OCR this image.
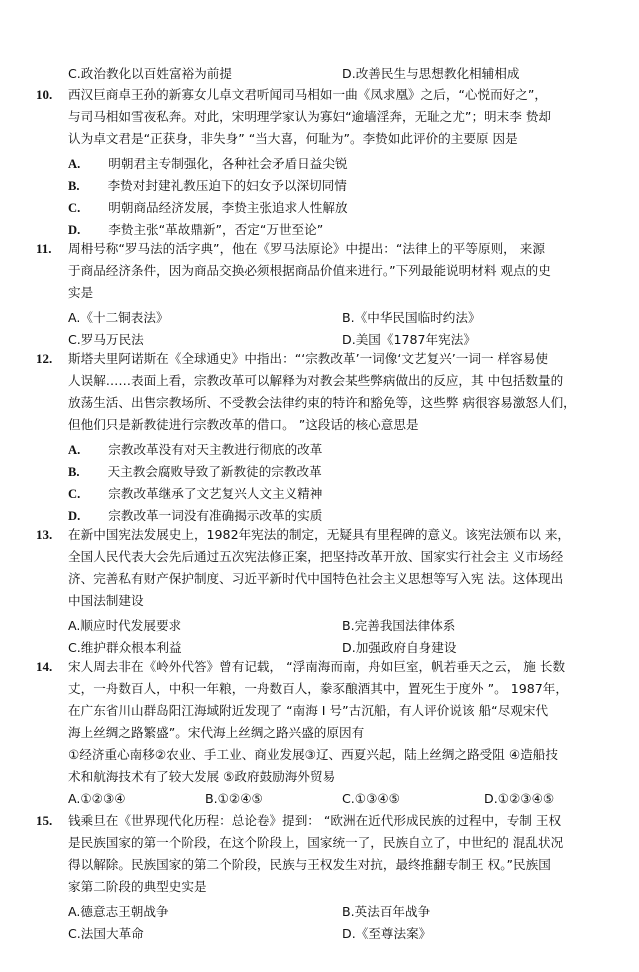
C.政治教化以百姓富裕为前提	D.改善民生与思想教化相辅相成
10. 西汉巨商卓王孙的新寡女儿卓文君听闻司马相如一曲《凤求凰》之后，“心悦而好之”，
与司马相如雪夜私奔。对此，宋明理学家认为寡妇“逾墙淫奔，无耻之尤”；明末李 贽却
认为卓文君是“正获身，非失身” “当大喜，何耻为”。李贽如此评价的主要原 因是
A. 明朝君主专制强化，各种社会矛盾日益尖锐
B. 李贽对封建礼教压迫下的妇女予以深切同情
C. 明朝商品经济发展，李贽主张追求人性解放
D. 李贽主张“革故鼎新”，否定“万世至论”
11. 周枏号称“罗马法的活字典”，他在《罗马法原论》中提出：“法律上的平等原则， 来源
于商品经济条件，因为商品交换必须根据商品价值来进行。”下列最能说明材料 观点的史
实是
A.《十二铜表法》	B.《中华民国临时约法》
C.罗马万民法	D.美国《1787年宪法》
12. 斯塔夫里阿诺斯在《全球通史》中指出：“‘宗教改革’一词像‘文艺复兴’一词一 样容易使
人误解……表面上看，宗教改革可以解释为对教会某些弊病做出的反应，其 中包括数量的
放荡生活、出售宗教场所、不受教会法律约束的特许和豁免等，这些弊 病很容易激怒人们，
但他们只是新教徒进行宗教改革的借口。 ”这段话的核心意思是
A. 宗教改革没有对天主教进行彻底的改革
B. 天主教会腐败导致了新教徒的宗教改革
C. 宗教改革继承了文艺复兴人文主义精神
D. 宗教改革一词没有准确揭示改革的实质
13. 在新中国宪法发展史上，1982年宪法的制定，无疑具有里程碑的意义。该宪法颁布以 来，
全国人民代表大会先后通过五次宪法修正案，把坚持改革开放、国家实行社会主 义市场经
济、完善私有财产保护制度、习近平新时代中国特色社会主义思想等写入宪 法。这体现出
中国法制建设
A.顺应时代发展要求	B.完善我国法律体系
C.维护群众根本利益	D.加强政府自身建设
14. 宋人周去非在《岭外代答》曾有记载， “浮南海而南，舟如巨室，帆若垂天之云， 施 长数
丈，一舟数百人，中积一年粮，一舟数百人，豢豕酿酒其中，置死生于度外 ”。 1987年，
在广东省川山群岛阳江海域附近发现了 “南海 I 号”古沉船，有人评价说该 船“尽观宋代
海上丝绸之路繁盛”。宋代海上丝绸之路兴盛的原因有
①经济重心南移②农业、手工业、商业发展③辽、西夏兴起，陆上丝绸之路受阻 ④造船技
术和航海技术有了较大发展 ⑤政府鼓励海外贸易
A.①②③④	B.①②④⑤	C.①③④⑤	D.①②③④⑤
15. 钱乘旦在《世界现代化历程：总论卷》提到： “欧洲在近代形成民族的过程中，专制 王权
是民族国家的第一个阶段，在这个阶段上，国家统一了，民族自立了，中世纪的 混乱状况
得以解除。民族国家的第二个阶段，民族与王权发生对抗，最终推翻专制王 权。”民族国
家第二阶段的典型史实是
A.德意志王朝战争	B.英法百年战争
C.法国大革命	D.《至尊法案》
